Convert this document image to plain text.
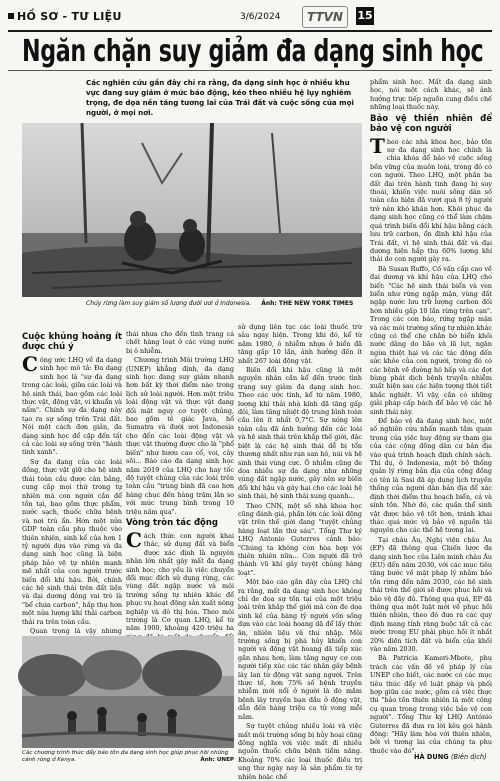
HỒ SƠ - TƯ LIỆU	3/6/2024	TTVN	15
Ngăn chặn suy giảm đa dạng sinh học
Các nghiên cứu gần đây chỉ ra rằng, đa dạng sinh học ở nhiều khu vực đang suy giảm ở mức báo động, kéo theo nhiều hệ lụy nghiêm trọng, đe dọa nền tảng tương lai của Trái đất và cuộc sống của mọi người, ở mọi nơi.
Chủy rừng làm suy giảm số lượng đười ươi ở Indonesia. Ảnh: THE NEW YORK TIMES
Cuộc khủng hoảng ít được chú ý

Công ước LHQ về đa dạng sinh học mô tả: Đa dạng sinh học là "sự đa dạng trong các loài, giữa các loài và hệ sinh thái, bao gồm các loài thực vật, động vật, vi khuẩn và nấm". Chính sự đa dạng này tạo ra sự sống trên Trái đất. Nói một cách đơn giản, đa dạng sinh học để cập đến tất cả các loài sự sống trên "hành tinh xanh".

Sự đa dạng của các loài đồng, thực vật giữ cho hệ sinh thái toàn cầu được cân bằng, cung cấp mọi thứ trong tự nhiên mà con người cần để tồn tại, bao gồm thực phẩm, nước sạch, thuốc chữa bệnh và nơi trú ẩn. Hơn một nửa GDP toàn cầu phụ thuộc vào thiên nhiên, sinh kế của hơn 1 tỷ người dựa vào rừng và đa dạng sinh học cũng là biện pháp bảo vệ tự nhiên mạnh mẽ nhất của con người trước biến đổi khí hậu. Bởi, chính các hệ sinh thái trên đất liền và đại dương đóng vai trò là "bể chứa carbon", hấp thụ hơn một nửa lượng khí thải carbon thải ra trên toàn cầu.

Quan trọng là vậy nhưng

thái nhưa cho đến tình trang cá chết hàng loạt ở các vùng nước bị ô nhiễm.

Chương trình Môi trường LHQ (UNEP) khẳng định, đa dạng sinh học đang suy giảm nhanh hơn bất kỳ thời điểm nào trong lịch sử loài người. Hơn một triệu loài động vật và thực vật đang đối mặt nguy cơ tuyệt chủng, bao gồm tê giác Java, hổ Sumatra và đười ươi Indonesia cho đến các loài động vật và thực vật thường được cho là "phổ biến" như hươu cao cổ, voi, cây sồi... Báo cáo đa dạng sinh học năm 2019 của LHQ cho hay tốc độ tuyệt chủng của các loài trên toàn cầu "trung bình đã cao hơn hàng chục đến hàng trăm lần so với mức trung bình trong 10 triệu năm qua".

Vòng tròn tác động

Cách thức con người khai thác, sử dụng đất và biển được xác định là nguyên nhân lớn nhất gây mất đa dạng sinh học; cho yếu là việc chuyển đổi mục đích sử dụng rừng, các vùng đất ngập nước và môi trường sống tự nhiên khác để phục vụ hoạt động sản xuất nông nghiệp và đô thị hóa. Theo môi trường là Cơ quan LHQ, kể từ năm 1900, khoảng 420 triệu ha

sử dụng liên tục các loài thuốc trừ sâu ngay hiện. Trong khi đó, kể từ năm 1980, ô nhiễm nhựa ở biển đã tăng gấp 10 lần, ảnh hưởng đến ít nhất 267 loài động vật.

Biến đổi khí hậu cũng là một nguyên nhân cần kể đến trước tình trạng suy giảm đa dạng sinh học. Theo các ước tính, kể từ năm 1980, lượng khí thải nhà kính đã tăng gấp đôi, làm tăng nhiệt độ trung bình toàn cầu lên ít nhất 0,7°C. Sự nóng lên toàn cầu đã ảnh hưởng đến các loài và hệ sinh thái trên khắp thế giới, đặc biệt là các hệ sinh thái dễ bị tổn thương nhất như rạn san hô, núi và hệ sinh thái vùng cực. Ô nhiễm cũng đe dọa nhiều sự đa dạng như những vùng đất ngập nước, gây nên sự biến đổi khí hậu và gây hại cho các loài hệ sinh thái, hệ sinh thái xung quanh...

Theo CNN, một số nhà khoa học cũng đánh giá, phần lớn các loài động vật trên thế giới đang "tuyệt chủng hàng loạt lần thứ sáu". Tổng Thư ký LHQ Antonio Guterres cảnh báo: "Chúng ta không còn hòa hợp với thiên nhiên nữa... Con người đã trở thành vũ khí gây tuyệt chủng hàng loạt".

Một báo cáo gần đây của LHQ chỉ ra rằng, mất đa dạng sinh học không chỉ đe dọa sự tồn tại của một triệu loài trên khắp thế giới mà còn đe dọa sinh kế của hàng tỷ người vốn sống dựa vào các loài hoang dã để lấy thức ăn, nhiên liệu và thu nhập. Môi trường sống bị phá hủy khiến con người và động vật hoang dã tiếp xúc gần nhau hơn, làm tăng nguy cơ con người tiếp xúc các tác nhân gây bệnh lây lan từ động vật sang người. Trên thực tế, hơn 75% số bệnh truyền nhiễm mới nổi ở người là do mầm bệnh lây truyền bạn đầu ở động vật, dẫn đến hàng triệu ca tử vong mỗi năm.

Sự tuyệt chủng nhiều loài và việc mất môi trường sống bị hủy hoại cũng đồng nghĩa với việc mất đi nhiều nguồn thuốc chữa bệnh tiềm năng. Khoảng 70% các loại thuốc điều trị ung thư ngày nay là sản phẩm từ tự nhiên hoặc chế

phẩm sinh học. Mất đa dạng sinh học, nói một cách khác, sẽ ảnh hưởng trực tiếp nguồn cung điều chế những loại thuốc này.

Bảo vệ thiên nhiên để bảo vệ con người

Theo các nhà khoa học, bảo tồn sự đa dạng sinh học chính là chìa khóa để bảo vệ cuộc sống bền vững của muôn loài, trong đó có con người. Theo LHQ, một phần ba đất đai trên hành tinh đang bị suy thoái, khiến việc nuôi sống dân số toàn cầu hiện đã vượt quá 8 tỷ người trở nên khó khăn hơn. Khôi phục đa dạng sinh học cũng có thể làm chậm quá trình biến đổi khí hậu bằng cách lưu trữ carbon, ổn định khí hậu của Trái đất, vì hệ sinh thái đất và đại dương hiện hấp thụ 60% lượng khí thải do con người gây ra.

Bà Susan Ruffo, Cố vấn cấp cao về đại dương và khí hậu của LHQ cho biết: "Các hệ sinh thái biển và ven biển như rừng ngập mặn, vùng đất ngập nước lưu trữ lượng carbon đối hơn nhiều gấp 10 lần rừng trên cạn". Trong các con báo, rừng ngập mặn và các môi trường sống tự nhiên khác cũng có thể che chắn bờ biển khỏi nước dâng do bão và lũ lụt, ngăn ngừa thiệt hại và các tác động đến sức khỏe của con người, trong đó có các bệnh về đường hô hấp và các đợt bùng phát dịch bệnh truyền nhiễm xuất hiện sau các hiện tượng thời tiết khắc nghiệt. Vì vậy, cần có những giải pháp cấp bách để bảo vệ các hệ sinh thái này.

Để bảo vệ đa dạng sinh học, một số nghiên cứu nhấn mạnh tầm quan trọng của việc huy động sự tham gia của các cộng đồng dân cư bản địa vào quá trình hoạch định chính sách. Thí dụ, ở Indonesia, một bộ thống quản lý rừng bản địa của cộng đồng có tên là Sasi đã áp dụng lịch truyền thống của người dân bản địa để xác định thời điểm thu hoạch biển, cá và sinh tồn. Nhờ đó, các quần thể sinh vật được bảo vệ tốt hơn, tránh khai thác quá mức và bảo vệ nguồn tài nguyên cho các thế hệ tương lai.

Tại châu Âu, Nghị viện châu Âu (EP) đã thông qua Chiến lược đa dạng sinh học của Liên minh châu Âu (EU) đến năm 2030, với các mục tiêu tăng bước về mặt pháp lý nhằm bảo tồn rừng đến năm 2030, các hệ sinh thái trên thế giới sẽ được phục hồi và bảo vệ đầy đủ. Thông qua quá, EP đã thông qua một luật mới về phục hồi thiên nhiên, theo đó đưa ra các quy định mang tính ràng buộc tất cả các nước trong EU phải phục hồi ít nhất 20% diện tích đất và biển của khối vào năm 2030.

Bà Patricia Kameri-Mbote, phụ trách các vấn đề về pháp lý của UNEP cho biết, các nước có các mục tiêu thúc đẩy về luật pháp và phối hợp giữa các nước, gồm cả việc thực thi "bảo tồn thiên nhiên là một công cụ quan trọng trong việc bảo vệ con người". Tổng Thư ký LHQ António Guterres đã đưa ra lời kêu gọi hành động: "Hãy làm hòa với thiên nhiên, bởi vì tương lai của chúng ta phụ thuộc vào đó".

Các chương trình thúc đẩy bảo tồn đa dạng sinh học giúp phục hồi những cánh rừng ở Kenya.	Ảnh: UNEP	HÀ DUNG (Biên dịch)
